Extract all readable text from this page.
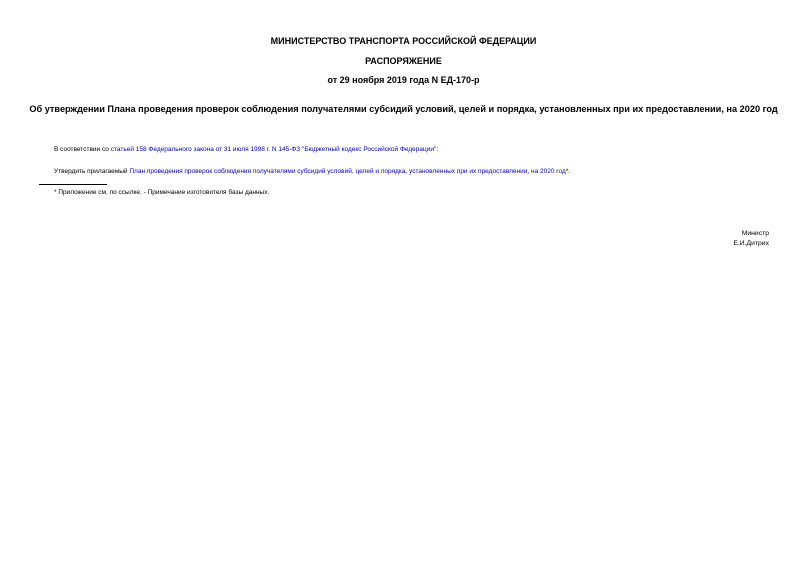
МИНИСТЕРСТВО ТРАНСПОРТА РОССИЙСКОЙ ФЕДЕРАЦИИ
РАСПОРЯЖЕНИЕ
от 29 ноября 2019 года N ЕД-170-р
Об утверждении Плана проведения проверок соблюдения получателями субсидий условий, целей и порядка, установленных при их предоставлении, на 2020 год
В соответствии со статьей 158 Федерального закона от 31 июля 1998 г. N 145-ФЗ "Бюджетный кодекс Российской Федерации":
Утвердить прилагаемый План проведения проверок соблюдения получателями субсидий условий, целей и порядка, установленных при их предоставлении, на 2020 год*.
* Приложение см. по ссылке. - Примечание изготовителя базы данных.
Министр
Е.И.Дитрих
